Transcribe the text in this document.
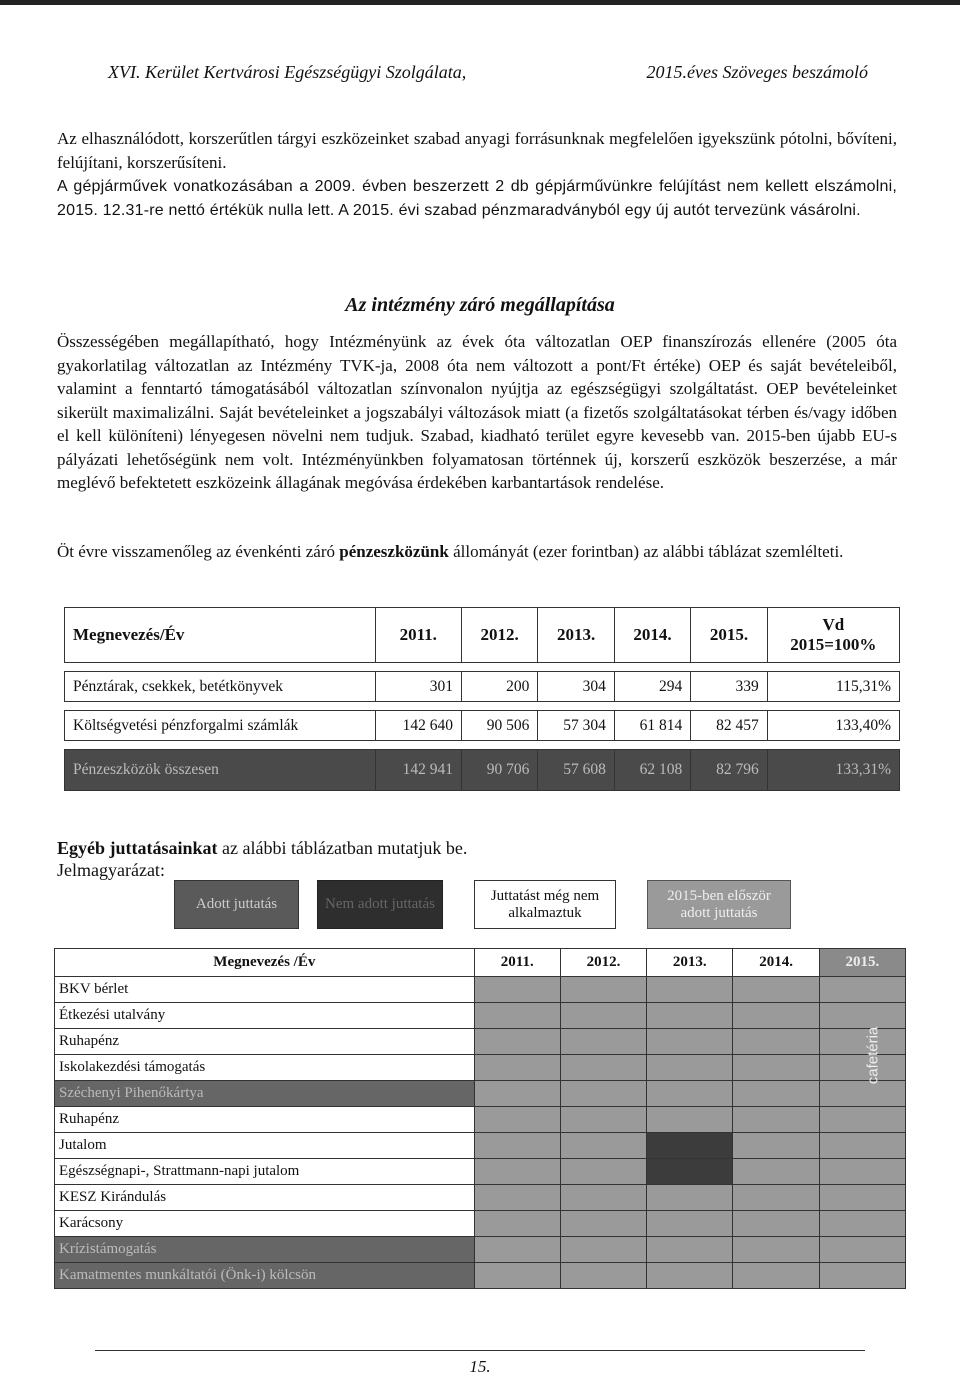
XVI. Kerület Kertvárosi Egészségügyi Szolgálata,	2015.éves Szöveges beszámoló

Az elhasználódott, korszerűtlen tárgyi eszközeinket szabad anyagi forrásunknak megfelelően igyekszünk pótolni, bővíteni, felújítani, korszerűsíteni.

A gépjárművek vonatkozásában a 2009. évben beszerzett 2 db gépjárművünkre felújítást nem kellett elszámolni, 2015. 12.31-re nettó értékük nulla lett. A 2015. évi szabad pénzmaradványból egy új autót tervezünk vásárolni.

Az intézmény záró megállapítása

Összességében megállapítható, hogy Intézményünk az évek óta változatlan OEP finanszírozás ellenére (2005 óta gyakorlatilag változatlan az Intézmény TVK-ja, 2008 óta nem változott a pont/Ft értéke) OEP és saját bevételeiből, valamint a fenntartó támogatásából változatlan színvonalon nyújtja az egészségügyi szolgáltatást. OEP bevételeinket sikerült maximalizálni. Saját bevételeinket a jogszabályi változások miatt (a fizetős szolgáltatásokat térben és/vagy időben el kell különíteni) lényegesen növelni nem tudjuk. Szabad, kiadható terület egyre kevesebb van. 2015-ben újabb EU-s pályázati lehetőségünk nem volt. Intézményünkben folyamatosan történnek új, korszerű eszközök beszerzése, a már meglévő befektetett eszközeink állagának megóvása érdekében karbantartások rendelése.

Öt évre visszamenőleg az évenkénti záró pénzeszközünk állományát (ezer forintban) az alábbi táblázat szemlélteti.

Megnevezés/Év	2011.	2012.	2013.	2014.	2015.	Vd
2015=100%

Pénztárak, csekkek, betétkönyvek	301	200	304	294	339	115,31%

Költségvetési pénzforgalmi számlák	142 640	90 506	57 304	61 814	82 457	133,40%

Pénzeszközök összesen	142 941	90 706	57 608	62 108	82 796	133,31%
Egyéb juttatásainkat az alábbi táblázatban mutatjuk be.
Jelmagyarázat:
Adott juttatás	Nem adott juttatás
Juttatást még nem
alkalmaztuk
2015-ben először
adott juttatás
Megnevezés /Év	2011.	2012.	2013.	2014.	2015.
BKV bérlet					
Étkezési utalvány					
Ruhapénz					
Iskolakezdési támogatás					
Széchenyi Pihenőkártya					
Ruhapénz					
Jutalom					
Egészségnapi-, Strattmann-napi jutalom					
KESZ Kirándulás					
Karácsony					
Krízistámogatás					
Kamatmentes munkáltatói (Önk-i) kölcsön					
cafetéria
15.
